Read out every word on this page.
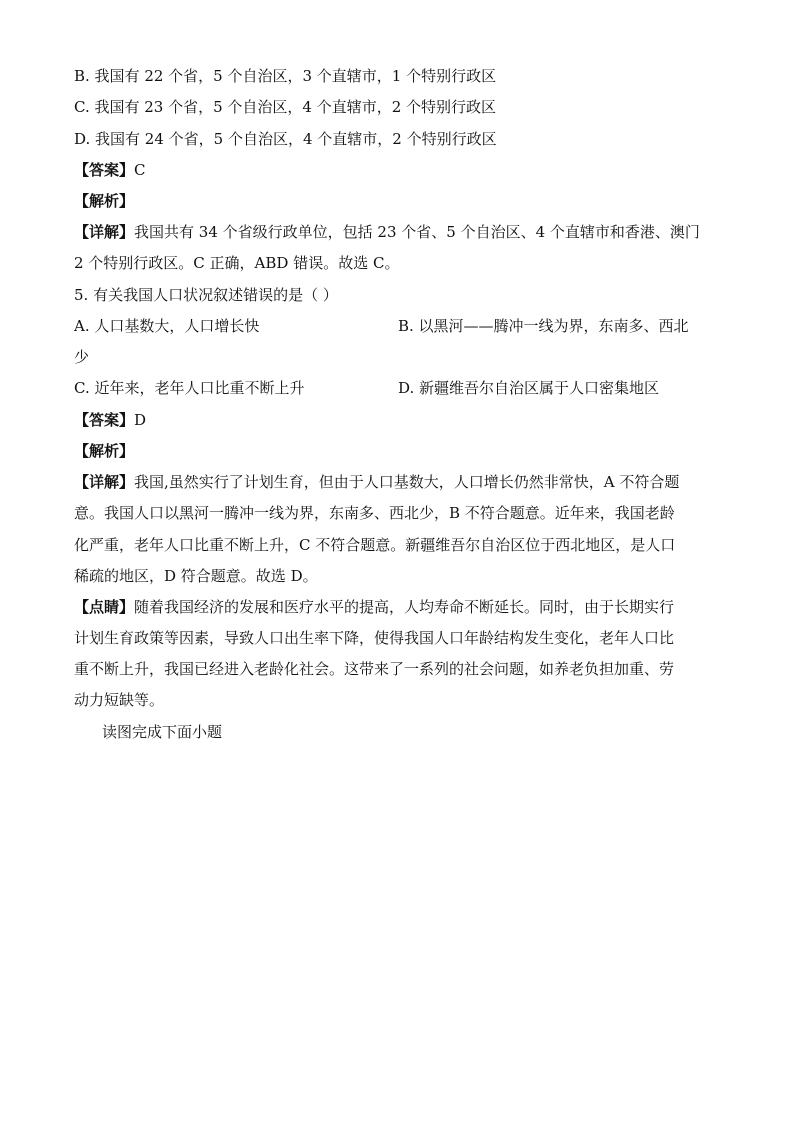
B. 我国有 22 个省，5 个自治区，3 个直辖市，1 个特别行政区
C. 我国有 23 个省，5 个自治区，4 个直辖市，2 个特别行政区
D. 我国有 24 个省，5 个自治区，4 个直辖市，2 个特别行政区
【答案】C
【解析】
【详解】我国共有 34 个省级行政单位，包括 23 个省、5 个自治区、4 个直辖市和香港、澳门
2 个特别行政区。C 正确，ABD 错误。故选 C。
5. 有关我国人口状况叙述错误的是（ ）
A. 人口基数大，人口增长快	B. 以黑河——腾冲一线为界，东南多、西北
少
C. 近年来，老年人口比重不断上升	D. 新疆维吾尔自治区属于人口密集地区
【答案】D
【解析】
【详解】我国,虽然实行了计划生育，但由于人口基数大，人口增长仍然非常快，A 不符合题
意。我国人口以黑河一腾冲一线为界，东南多、西北少，B 不符合题意。近年来，我国老龄
化严重，老年人口比重不断上升，C 不符合题意。新疆维吾尔自治区位于西北地区，是人口
稀疏的地区，D 符合题意。故选 D。
【点睛】随着我国经济的发展和医疗水平的提高，人均寿命不断延长。同时，由于长期实行
计划生育政策等因素，导致人口出生率下降，使得我国人口年龄结构发生变化，老年人口比
重不断上升，我国已经进入老龄化社会。这带来了一系列的社会问题，如养老负担加重、劳
动力短缺等。
读图完成下面小题
